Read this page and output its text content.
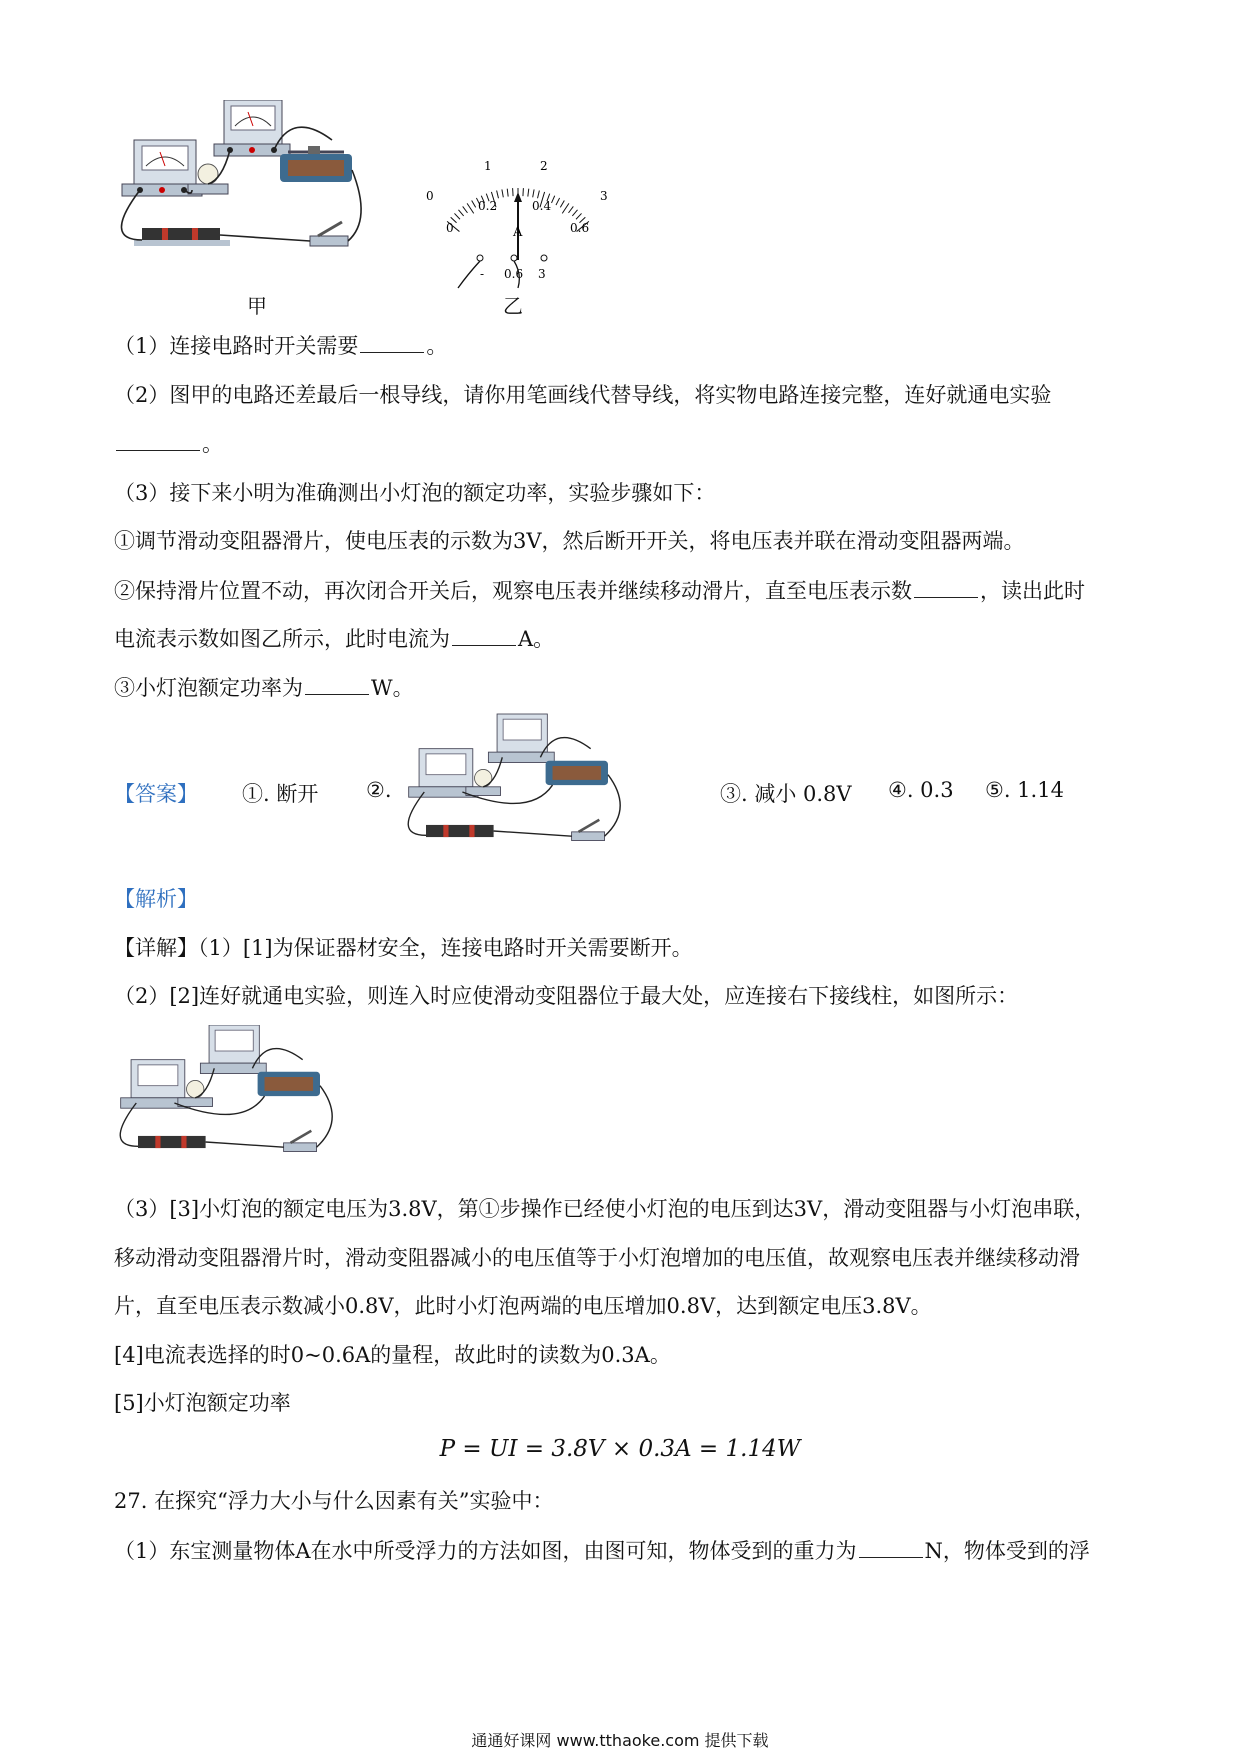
甲
0
1	2
3
0
0.2	0.4
0.6
A
- 0.6 3
乙
（1）连接电路时开关需要	。
（2）图甲的电路还差最后一根导线，请你用笔画线代替导线，将实物电路连接完整，连好就通电实验
。
（3）接下来小明为准确测出小灯泡的额定功率，实验步骤如下：
①调节滑动变阻器滑片，使电压表的示数为3V，然后断开开关，将电压表并联在滑动变阻器两端。
②保持滑片位置不动，再次闭合开关后，观察电压表并继续移动滑片，直至电压表示数	，读出此时
电流表示数如图乙所示，此时电流为	A。
③小灯泡额定功率为	W。
【答案】 ①. 断开 ②.	③. 减小 0.8V ④. 0.3 ⑤. 1.14
【解析】
【详解】（1）[1]为保证器材安全，连接电路时开关需要断开。
（2）[2]连好就通电实验，则连入时应使滑动变阻器位于最大处，应连接右下接线柱，如图所示：
（3）[3]小灯泡的额定电压为3.8V，第①步操作已经使小灯泡的电压到达3V，滑动变阻器与小灯泡串联，
移动滑动变阻器滑片时，滑动变阻器减小的电压值等于小灯泡增加的电压值，故观察电压表并继续移动滑
片，直至电压表示数减小0.8V，此时小灯泡两端的电压增加0.8V，达到额定电压3.8V。
[4]电流表选择的时0~0.6A的量程，故此时的读数为0.3A。
[5]小灯泡额定功率
P = UI = 3.8V × 0.3A = 1.14W
27. 在探究“浮力大小与什么因素有关”实验中：
（1）东宝测量物体A在水中所受浮力的方法如图，由图可知，物体受到的重力为	N，物体受到的浮
通通好课网 www.tthaoke.com 提供下载
